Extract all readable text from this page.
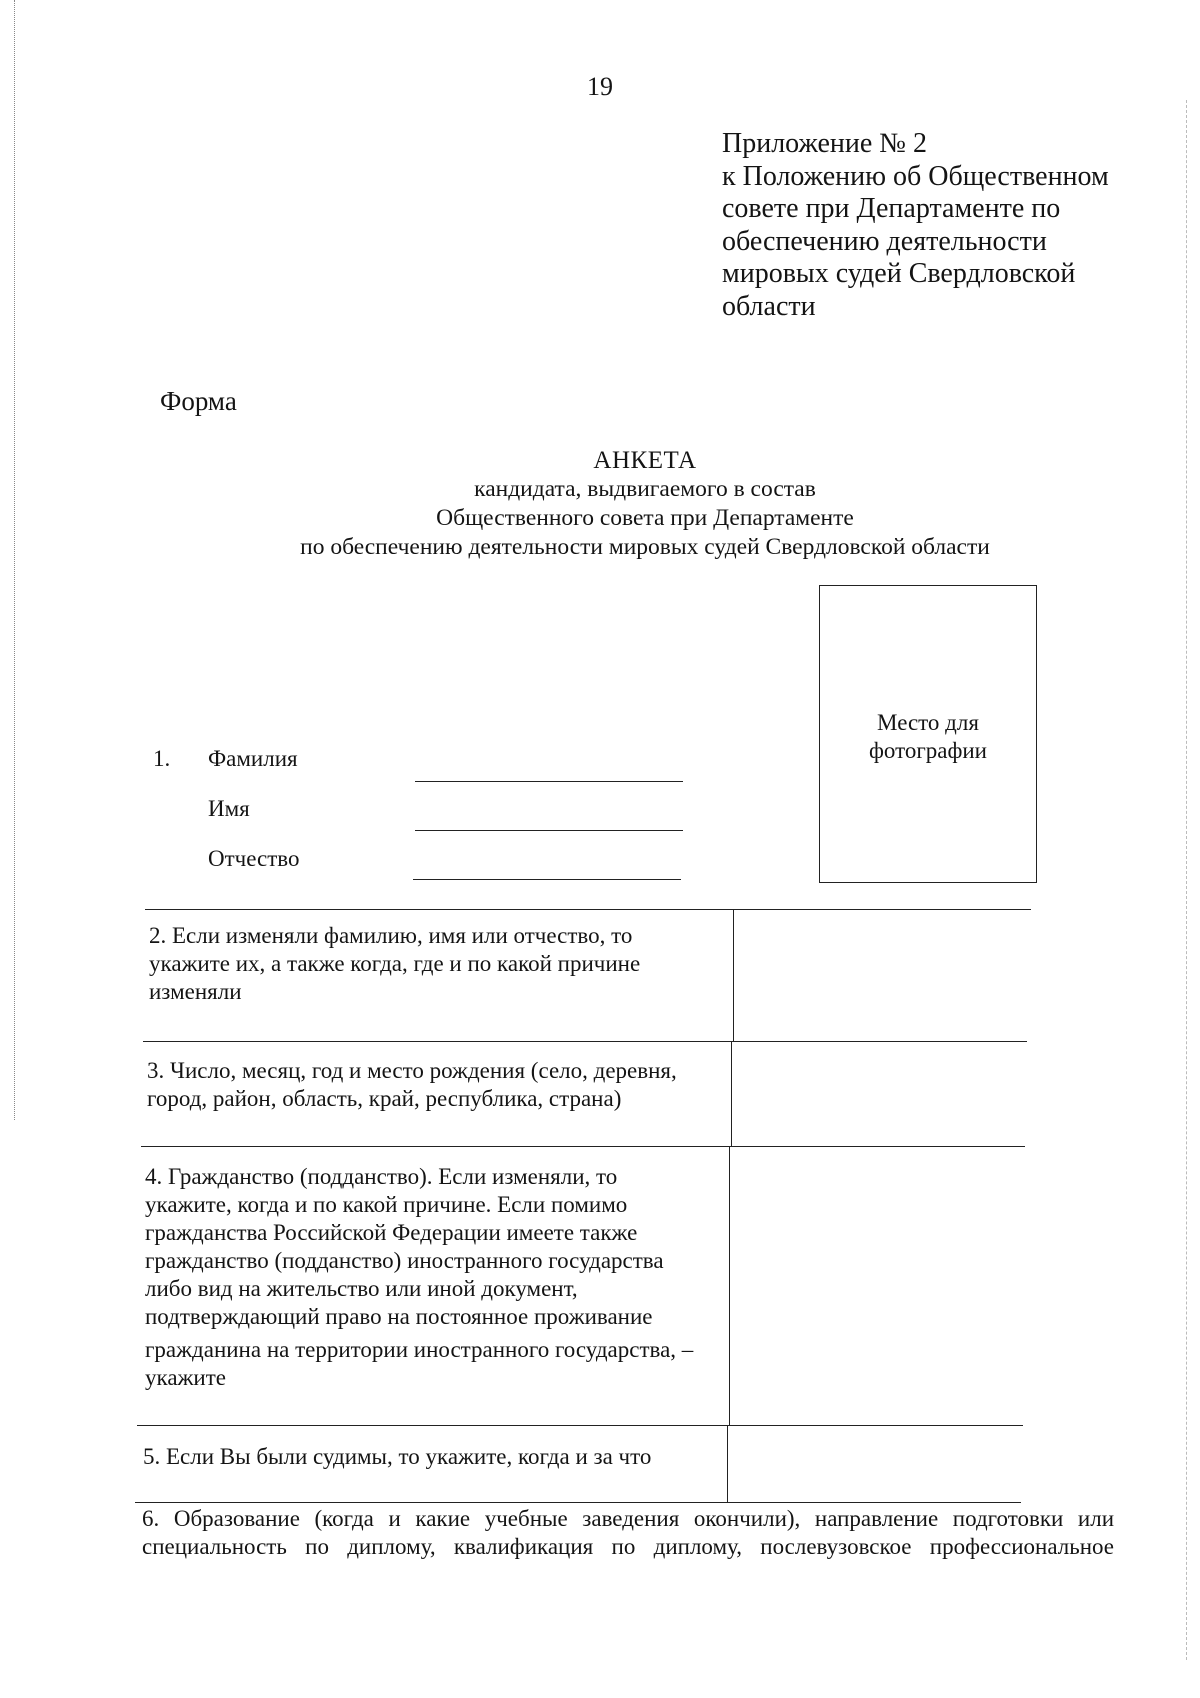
19
Приложение № 2
к Положению об Общественном
совете при Департаменте по
обеспечению деятельности
мировых судей Свердловской
области
Форма
АНКЕТА
кандидата, выдвигаемого в состав
Общественного совета при Департаменте
по обеспечению деятельности мировых судей Свердловской области
Место для
фотографии
1. Фамилия
Имя
Отчество
2. Если изменяли фамилию, имя или отчество, то
укажите их, а также когда, где и по какой причине
изменяли
3. Число, месяц, год и место рождения (село, деревня,
город, район, область, край, республика, страна)
4. Гражданство (подданство). Если изменяли, то
укажите, когда и по какой причине. Если помимо
гражданства Российской Федерации имеете также
гражданство (подданство) иностранного государства
либо вид на жительство или иной документ,
подтверждающий право на постоянное проживание
гражданина на территории иностранного государства, –
укажите
5. Если Вы были судимы, то укажите, когда и за что
6. Образование (когда и какие учебные заведения окончили), направление подготовки или
специальность по диплому, квалификация по диплому, послевузовское профессиональное
